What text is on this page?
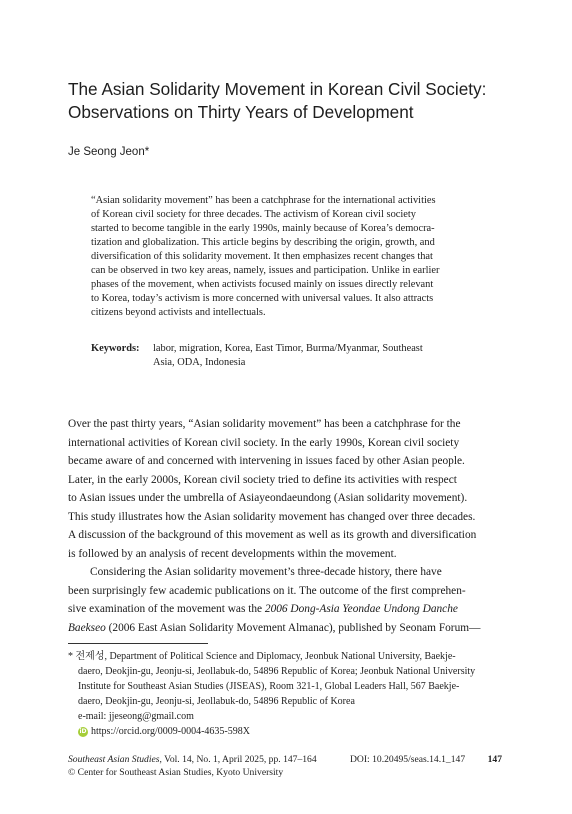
The Asian Solidarity Movement in Korean Civil Society:
Observations on Thirty Years of Development
Je Seong Jeon*
“Asian solidarity movement” has been a catchphrase for the international activities
of Korean civil society for three decades. The activism of Korean civil society
started to become tangible in the early 1990s, mainly because of Korea’s democra-
tization and globalization. This article begins by describing the origin, growth, and
diversification of this solidarity movement. It then emphasizes recent changes that
can be observed in two key areas, namely, issues and participation. Unlike in earlier
phases of the movement, when activists focused mainly on issues directly relevant
to Korea, today’s activism is more concerned with universal values. It also attracts
citizens beyond activists and intellectuals.
Keywords: labor, migration, Korea, East Timor, Burma/Myanmar, Southeast
Asia, ODA, Indonesia
Over the past thirty years, “Asian solidarity movement” has been a catchphrase for the
international activities of Korean civil society. In the early 1990s, Korean civil society
became aware of and concerned with intervening in issues faced by other Asian people.
Later, in the early 2000s, Korean civil society tried to define its activities with respect
to Asian issues under the umbrella of Asiayeondaeundong (Asian solidarity movement).
This study illustrates how the Asian solidarity movement has changed over three decades.
A discussion of the background of this movement as well as its growth and diversification
is followed by an analysis of recent developments within the movement.
Considering the Asian solidarity movement’s three-decade history, there have
been surprisingly few academic publications on it. The outcome of the first comprehen-
sive examination of the movement was the 2006 Dong-Asia Yeondae Undong Danche
Baekseo (2006 East Asian Solidarity Movement Almanac), published by Seonam Forum—
* 전제성, Department of Political Science and Diplomacy, Jeonbuk National University, Baekje-
daero, Deokjin-gu, Jeonju-si, Jeollabuk-do, 54896 Republic of Korea; Jeonbuk National University
Institute for Southeast Asian Studies (JISEAS), Room 321-1, Global Leaders Hall, 567 Baekje-
daero, Deokjin-gu, Jeonju-si, Jeollabuk-do, 54896 Republic of Korea
e-mail: jjeseong@gmail.com
iD https://orcid.org/0009-0004-4635-598X
Southeast Asian Studies, Vol. 14, No. 1, April 2025, pp. 147–164	DOI: 10.20495/seas.14.1_147 147
© Center for Southeast Asian Studies, Kyoto University
